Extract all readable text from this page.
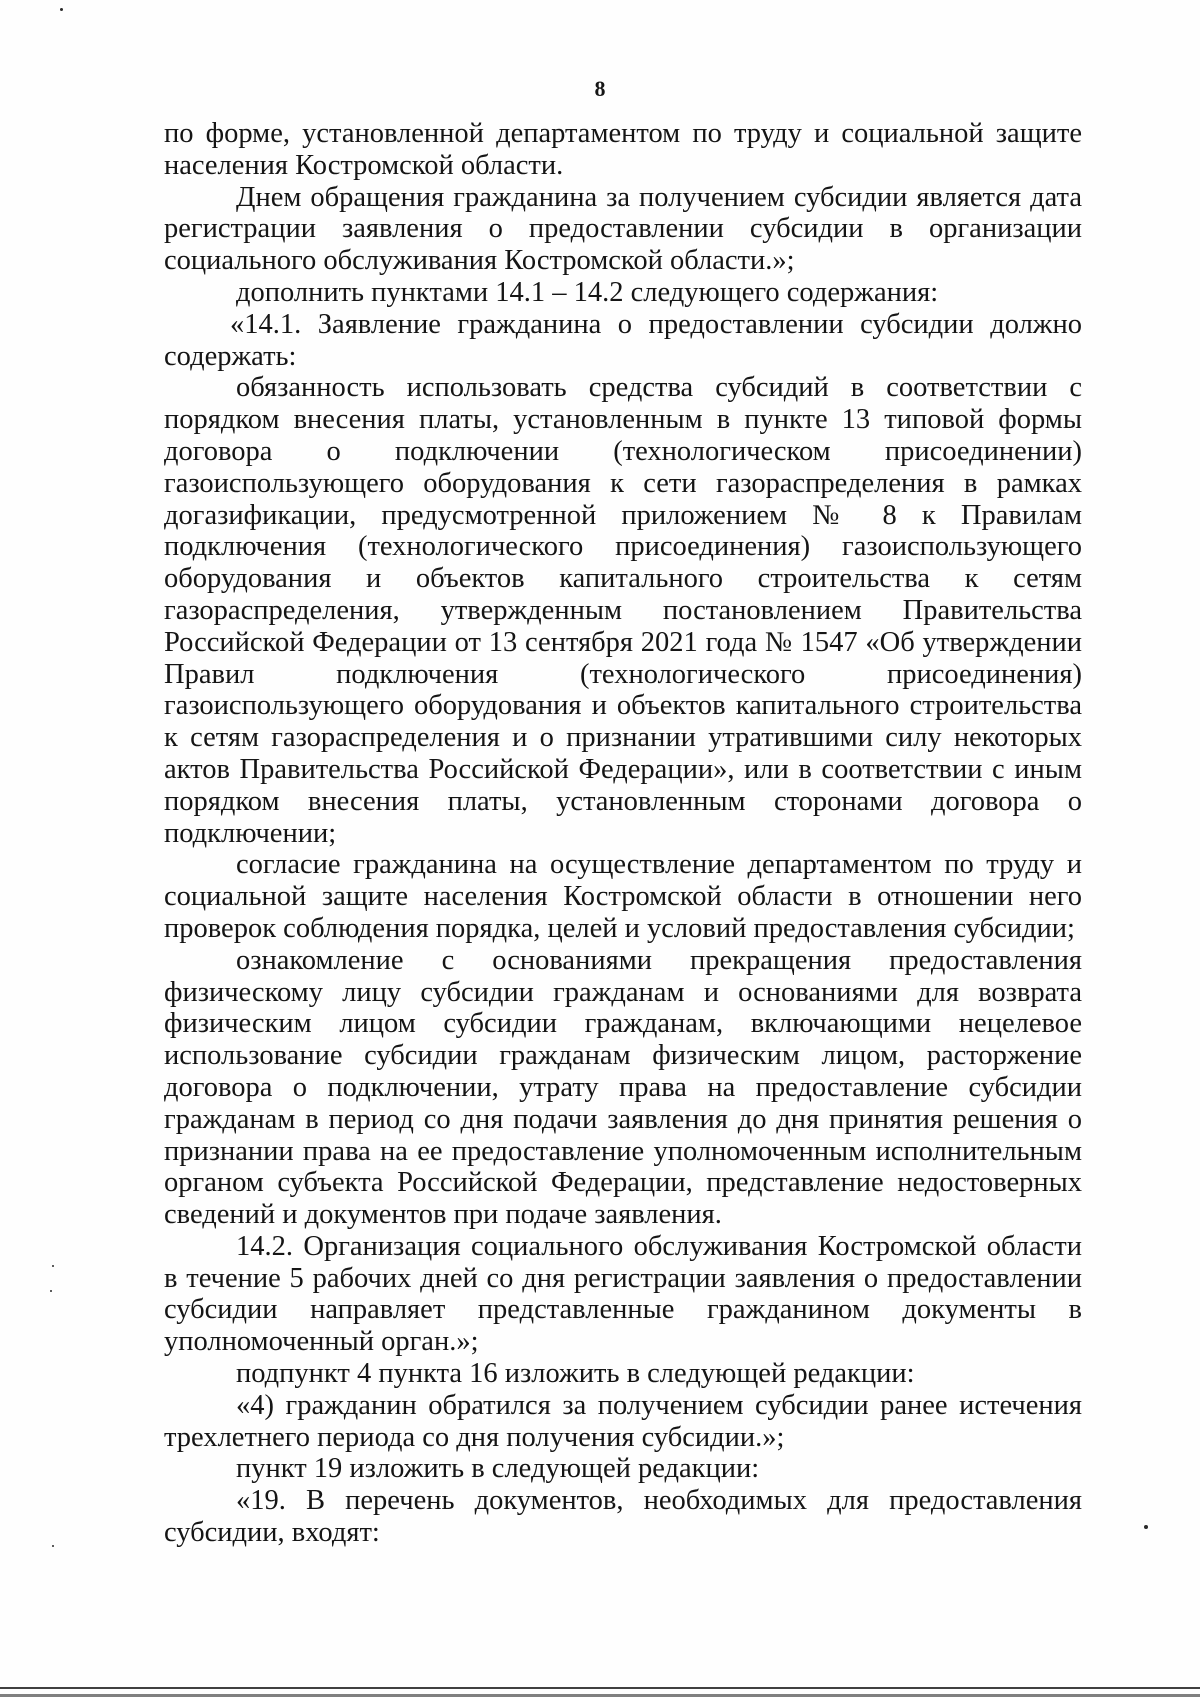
8

по форме, установленной департаментом по труду и социальной защите населения Костромской области.

Днем обращения гражданина за получением субсидии является дата регистрации заявления о предоставлении субсидии в организации социального обслуживания Костромской области.»;

дополнить пунктами 14.1 – 14.2 следующего содержания:

«14.1. Заявление гражданина о предоставлении субсидии должно содержать:

обязанность использовать средства субсидий в соответствии с порядком внесения платы, установленным в пункте 13 типовой формы договора о подключении (технологическом присоединении) газоиспользующего оборудования к сети газораспределения в рамках догазификации, предусмотренной приложением № 8 к Правилам подключения (технологического присоединения) газоиспользующего оборудования и объектов капитального строительства к сетям газораспределения, утвержденным постановлением Правительства Российской Федерации от 13 сентября 2021 года № 1547 «Об утверждении Правил подключения (технологического присоединения) газоиспользующего оборудования и объектов капитального строительства к сетям газораспределения и о признании утратившими силу некоторых актов Правительства Российской Федерации», или в соответствии с иным порядком внесения платы, установленным сторонами договора о подключении;

согласие гражданина на осуществление департаментом по труду и социальной защите населения Костромской области в отношении него проверок соблюдения порядка, целей и условий предоставления субсидии;

ознакомление с основаниями прекращения предоставления физическому лицу субсидии гражданам и основаниями для возврата физическим лицом субсидии гражданам, включающими нецелевое использование субсидии гражданам физическим лицом, расторжение договора о подключении, утрату права на предоставление субсидии гражданам в период со дня подачи заявления до дня принятия решения о признании права на ее предоставление уполномоченным исполнительным органом субъекта Российской Федерации, представление недостоверных сведений и документов при подаче заявления.

14.2. Организация социального обслуживания Костромской области в течение 5 рабочих дней со дня регистрации заявления о предоставлении субсидии направляет представленные гражданином документы в уполномоченный орган.»;

подпункт 4 пункта 16 изложить в следующей редакции:

«4) гражданин обратился за получением субсидии ранее истечения трехлетнего периода со дня получения субсидии.»;

пункт 19 изложить в следующей редакции:

«19. В перечень документов, необходимых для предоставления субсидии, входят:
